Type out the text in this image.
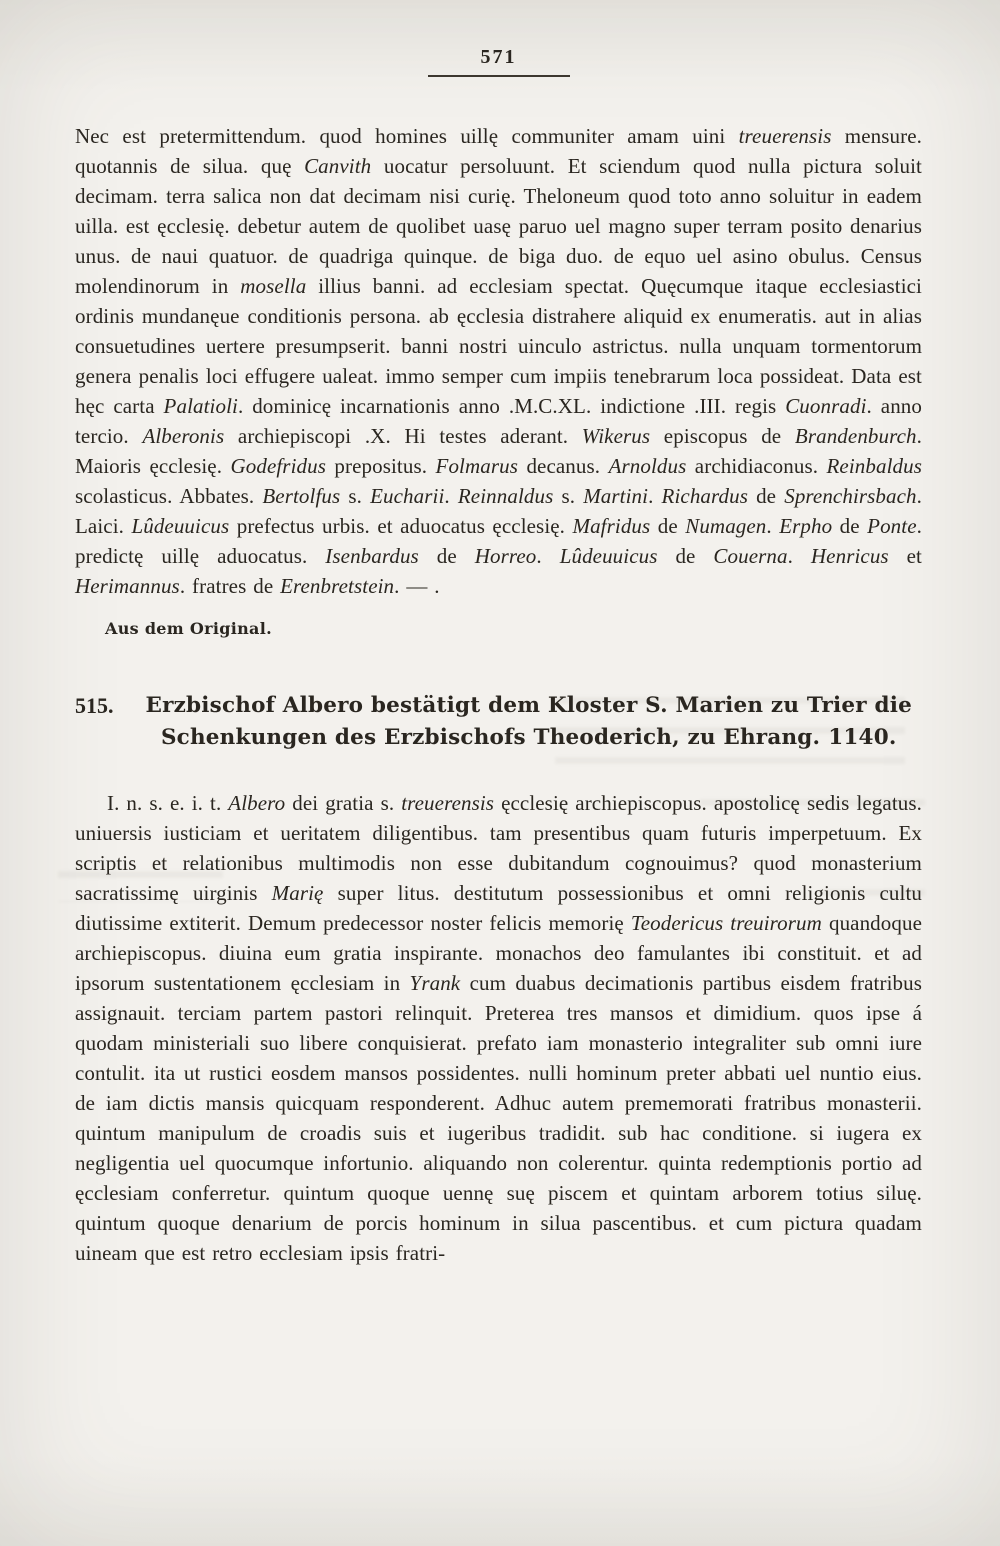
571

Nec est pretermittendum. quod homines uillę communiter amam uini treuerensis mensure. quotannis de silua. quę Canvith uocatur persoluunt. Et sciendum quod nulla pictura soluit decimam. terra salica non dat decimam nisi curię. Theloneum quod toto anno soluitur in eadem uilla. est ęcclesię. debetur autem de quolibet uasę paruo uel magno super terram posito denarius unus. de naui quatuor. de quadriga quinque. de biga duo. de equo uel asino obulus. Census molendinorum in mosella illius banni. ad ecclesiam spectat. Quęcumque itaque ecclesiastici ordinis mundanęue conditionis persona. ab ęcclesia distrahere aliquid ex enumeratis. aut in alias consuetudines uertere presumpserit. banni nostri uinculo astrictus. nulla unquam tormentorum genera penalis loci effugere ualeat. immo semper cum impiis tenebrarum loca possideat. Data est hęc carta Palatioli. dominicę incarnationis anno .M.C.XL. indictione .III. regis Cuonradi. anno tercio. Alberonis archiepiscopi .X. Hi testes aderant. Wikerus episcopus de Brandenburch. Maioris ęcclesię. Godefridus prepositus. Folmarus decanus. Arnoldus archidiaconus. Reinbaldus scolasticus. Abbates. Bertolfus s. Eucharii. Reinnaldus s. Martini. Richardus de Sprenchirsbach. Laici. Lûdeuuicus prefectus urbis. et aduocatus ęcclesię. Mafridus de Numagen. Erpho de Ponte. predictę uillę aduocatus. Isenbardus de Horreo. Lûdeuuicus de Couerna. Henricus et Herimannus. fratres de Erenbretstein. — .

Aus dem Original.

515.	Erzbischof Albero bestätigt dem Kloster S. Marien zu Trier die Schenkungen des Erzbischofs Theoderich, zu Ehrang. 1140.

I. n. s. e. i. t. Albero dei gratia s. treuerensis ęcclesię archiepiscopus. apostolicę sedis legatus. uniuersis iusticiam et ueritatem diligentibus. tam presentibus quam futuris imperpetuum. Ex scriptis et relationibus multimodis non esse dubitandum cognouimus? quod monasterium sacratissimę uirginis Marię super litus. destitutum possessionibus et omni religionis cultu diutissime extiterit. Demum predecessor noster felicis memorię Teodericus treuirorum quandoque archiepiscopus. diuina eum gratia inspirante. monachos deo famulantes ibi constituit. et ad ipsorum sustentationem ęcclesiam in Yrank cum duabus decimationis partibus eisdem fratribus assignauit. terciam partem pastori relinquit. Preterea tres mansos et dimidium. quos ipse á quodam ministeriali suo libere conquisierat. prefato iam monasterio integraliter sub omni iure contulit. ita ut rustici eosdem mansos possidentes. nulli hominum preter abbati uel nuntio eius. de iam dictis mansis quicquam responderent. Adhuc autem prememorati fratribus monasterii. quintum manipulum de croadis suis et iugeribus tradidit. sub hac conditione. si iugera ex negligentia uel quocumque infortunio. aliquando non colerentur. quinta redemptionis portio ad ęcclesiam conferretur. quintum quoque uennę suę piscem et quintam arborem totius siluę. quintum quoque denarium de porcis hominum in silua pascentibus. et cum pictura quadam uineam que est retro ecclesiam ipsis fratri-
